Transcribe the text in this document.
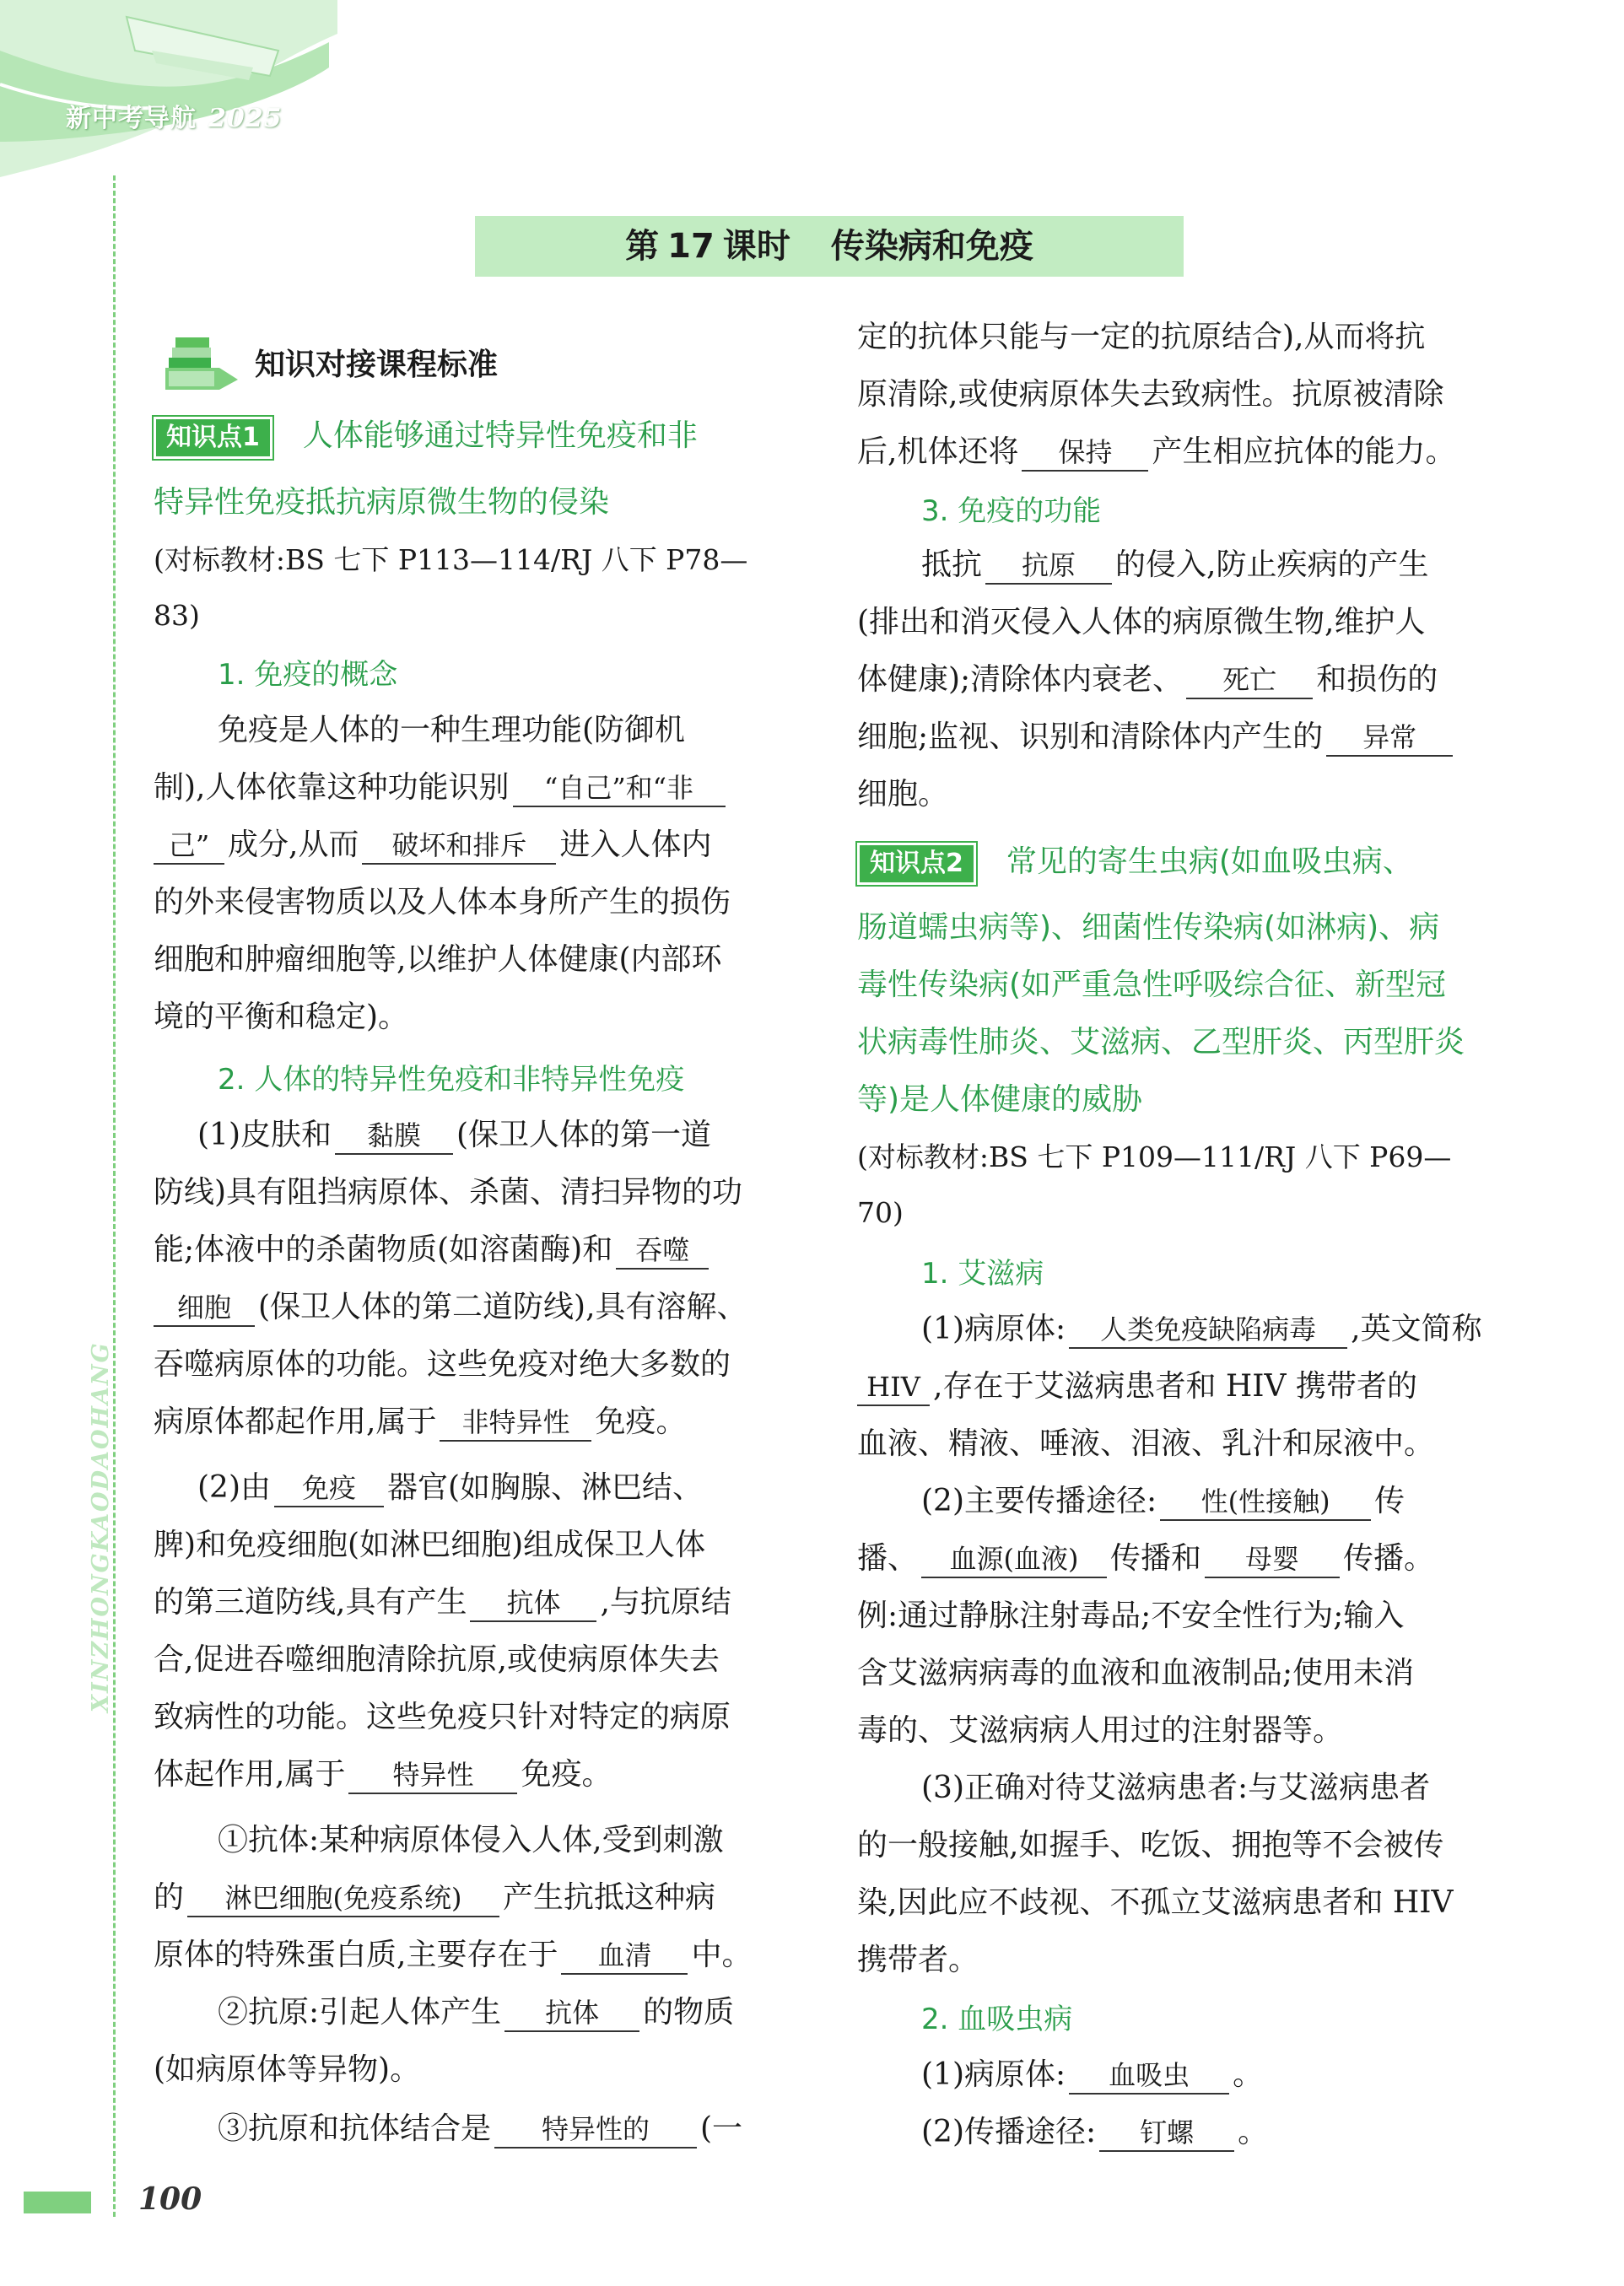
新中考导航 2025
XINZHONGKAODAOHANG
第 17 课时 传染病和免疫
知识对接课程标准
知识点1 人体能够通过特异性免疫和非
特异性免疫抵抗病原微生物的侵染
(对标教材:BS 七下 P113—114/RJ 八下 P78—
83)
1. 免疫的概念
免疫是人体的一种生理功能(防御机
制),人体依靠这种功能识别 “自己”和“非
己” 成分,从而 破坏和排斥 进入人体内
的外来侵害物质以及人体本身所产生的损伤
细胞和肿瘤细胞等,以维护人体健康(内部环
境的平衡和稳定)。
2. 人体的特异性免疫和非特异性免疫
(1)皮肤和 黏膜 (保卫人体的第一道
防线)具有阻挡病原体、杀菌、清扫异物的功
能;体液中的杀菌物质(如溶菌酶)和 吞噬
细胞 (保卫人体的第二道防线),具有溶解、
吞噬病原体的功能。这些免疫对绝大多数的
病原体都起作用,属于 非特异性 免疫。
(2)由 免疫 器官(如胸腺、淋巴结、
脾)和免疫细胞(如淋巴细胞)组成保卫人体
的第三道防线,具有产生 抗体 ,与抗原结
合,促进吞噬细胞清除抗原,或使病原体失去
致病性的功能。这些免疫只针对特定的病原
体起作用,属于 特异性 免疫。
①抗体:某种病原体侵入人体,受到刺激
的 淋巴细胞(免疫系统) 产生抗抵这种病
原体的特殊蛋白质,主要存在于 血清 中。
②抗原:引起人体产生 抗体 的物质
(如病原体等异物)。
③抗原和抗体结合是 特异性的 (一
定的抗体只能与一定的抗原结合),从而将抗
原清除,或使病原体失去致病性。抗原被清除
后,机体还将 保持 产生相应抗体的能力。
3. 免疫的功能
抵抗 抗原 的侵入,防止疾病的产生
(排出和消灭侵入人体的病原微生物,维护人
体健康);清除体内衰老、 死亡 和损伤的
细胞;监视、识别和清除体内产生的 异常
细胞。
知识点2 常见的寄生虫病(如血吸虫病、
肠道蠕虫病等)、细菌性传染病(如淋病)、病
毒性传染病(如严重急性呼吸综合征、新型冠
状病毒性肺炎、艾滋病、乙型肝炎、丙型肝炎
等)是人体健康的威胁
(对标教材:BS 七下 P109—111/RJ 八下 P69—
70)
1. 艾滋病
(1)病原体: 人类免疫缺陷病毒 ,英文简称
HIV ,存在于艾滋病患者和 HIV 携带者的
血液、精液、唾液、泪液、乳汁和尿液中。
(2)主要传播途径: 性(性接触) 传
播、 血源(血液) 传播和 母婴 传播。
例:通过静脉注射毒品;不安全性行为;输入
含艾滋病病毒的血液和血液制品;使用未消
毒的、艾滋病病人用过的注射器等。
(3)正确对待艾滋病患者:与艾滋病患者
的一般接触,如握手、吃饭、拥抱等不会被传
染,因此应不歧视、不孤立艾滋病患者和 HIV
携带者。
2. 血吸虫病
(1)病原体: 血吸虫 。
(2)传播途径: 钉螺 。
100
